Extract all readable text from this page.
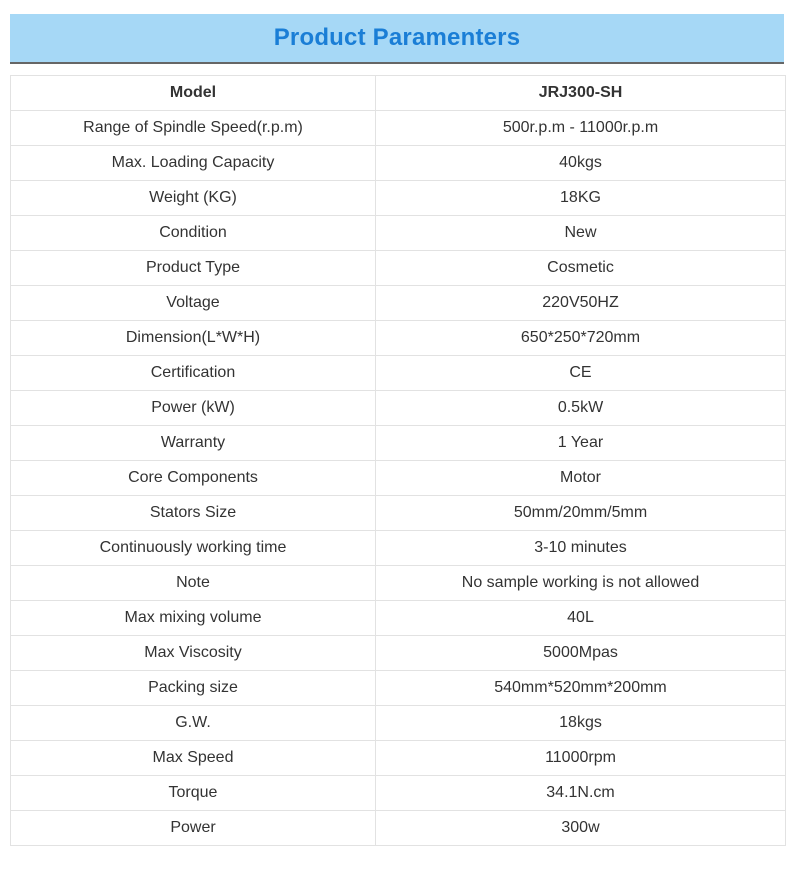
Product Paramenters
Model	JRJ300-SH
Range of Spindle Speed(r.p.m)	500r.p.m - 11000r.p.m
Max. Loading Capacity	40kgs
Weight (KG)	18KG
Condition	New
Product Type	Cosmetic
Voltage	220V50HZ
Dimension(L*W*H)	650*250*720mm
Certification	CE
Power (kW)	0.5kW
Warranty	1 Year
Core Components	Motor
Stators Size	50mm/20mm/5mm
Continuously working time	3-10 minutes
Note	No sample working is not allowed
Max mixing volume	40L
Max Viscosity	5000Mpas
Packing size	540mm*520mm*200mm
G.W.	18kgs
Max Speed	11000rpm
Torque	34.1N.cm
Power	300w
